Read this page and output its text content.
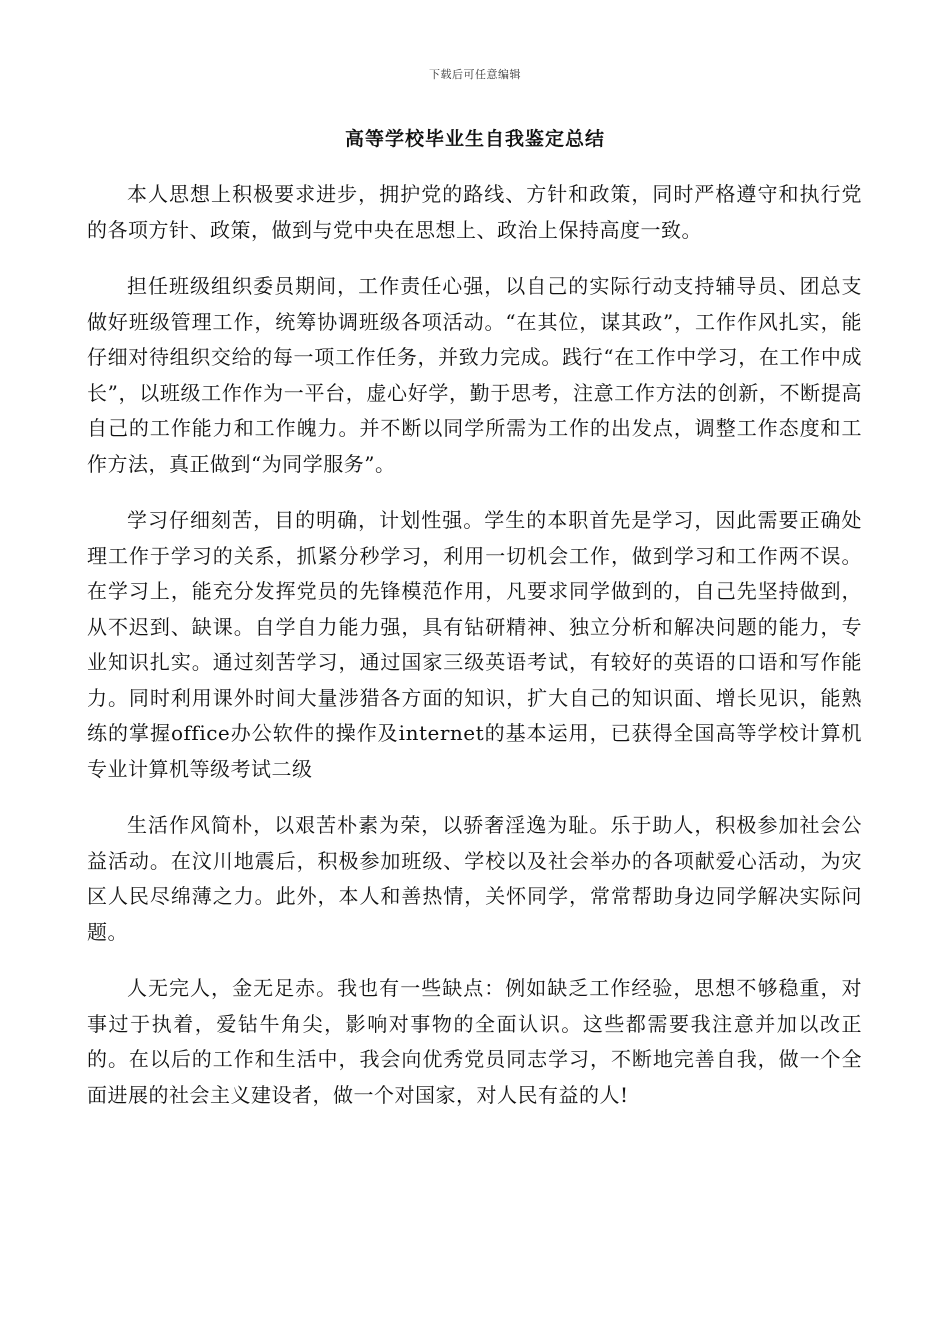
下载后可任意编辑
高等学校毕业生自我鉴定总结

本人思想上积极要求进步，拥护党的路线、方针和政策，同时严格遵守和执行党的各项方针、政策，做到与党中央在思想上、政治上保持高度一致。

担任班级组织委员期间，工作责任心强，以自己的实际行动支持辅导员、团总支做好班级管理工作，统筹协调班级各项活动。“在其位，谋其政”，工作作风扎实，能仔细对待组织交给的每一项工作任务，并致力完成。践行“在工作中学习，在工作中成长”，以班级工作作为一平台，虚心好学，勤于思考，注意工作方法的创新，不断提高自己的工作能力和工作魄力。并不断以同学所需为工作的出发点，调整工作态度和工作方法，真正做到“为同学服务”。

学习仔细刻苦，目的明确，计划性强。学生的本职首先是学习，因此需要正确处理工作于学习的关系，抓紧分秒学习，利用一切机会工作，做到学习和工作两不误。在学习上，能充分发挥党员的先锋模范作用，凡要求同学做到的，自己先坚持做到，从不迟到、缺课。自学自力能力强，具有钻研精神、独立分析和解决问题的能力，专业知识扎实。通过刻苦学习，通过国家三级英语考试，有较好的英语的口语和写作能力。同时利用课外时间大量涉猎各方面的知识，扩大自己的知识面、增长见识，能熟练的掌握office办公软件的操作及internet的基本运用，已获得全国高等学校计算机专业计算机等级考试二级

生活作风简朴，以艰苦朴素为荣，以骄奢淫逸为耻。乐于助人，积极参加社会公益活动。在汶川地震后，积极参加班级、学校以及社会举办的各项献爱心活动，为灾区人民尽绵薄之力。此外，本人和善热情，关怀同学，常常帮助身边同学解决实际问题。

人无完人，金无足赤。我也有一些缺点：例如缺乏工作经验，思想不够稳重，对事过于执着，爱钻牛角尖，影响对事物的全面认识。这些都需要我注意并加以改正的。在以后的工作和生活中，我会向优秀党员同志学习，不断地完善自我，做一个全面进展的社会主义建设者，做一个对国家，对人民有益的人!
